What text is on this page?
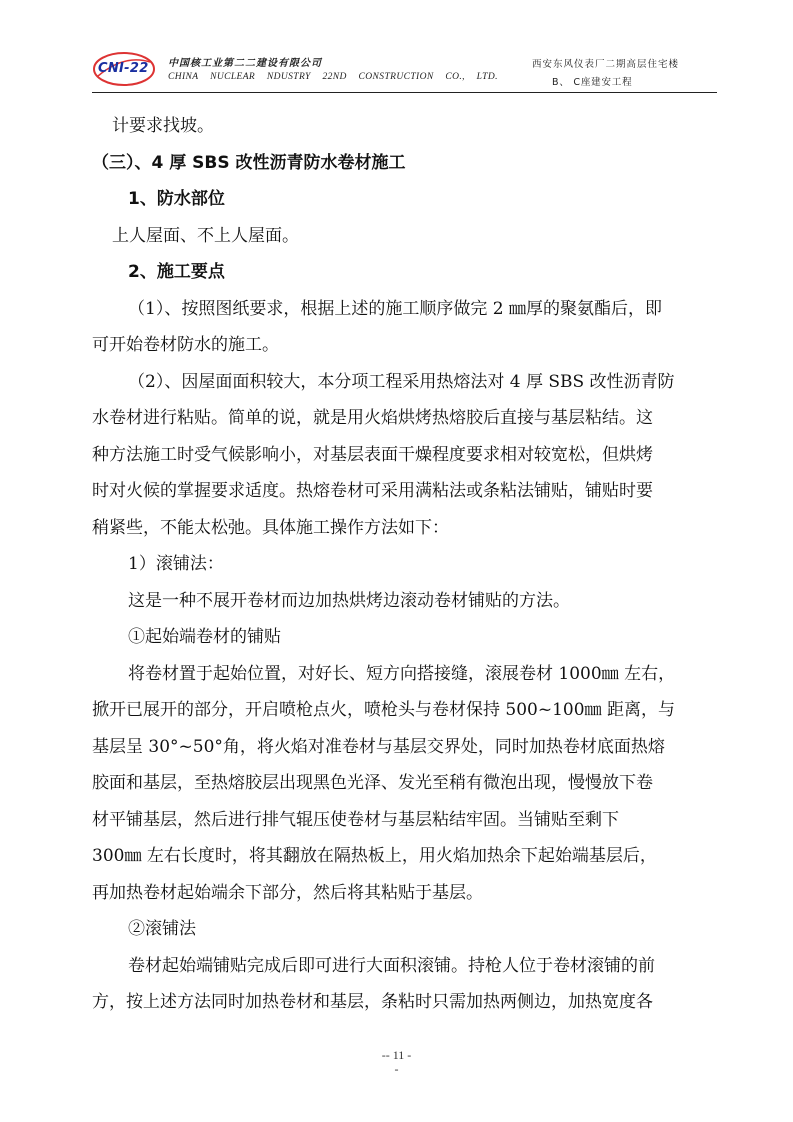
CNI-22 中国核工业第二二建设有限公司
CHINA NUCLEAR NDUSTRY 22ND CONSTRUCTION CO., LTD.
西安东风仪表厂二期高层住宅楼
B、 C座建安工程

计要求找坡。

（三）、4 厚 SBS 改性沥青防水卷材施工

1、防水部位

上人屋面、不上人屋面。

2、施工要点

（1）、按照图纸要求，根据上述的施工顺序做完 2 ㎜厚的聚氨酯后，即

可开始卷材防水的施工。

（2）、因屋面面积较大，本分项工程采用热熔法对 4 厚 SBS 改性沥青防

水卷材进行粘贴。简单的说，就是用火焰烘烤热熔胶后直接与基层粘结。这

种方法施工时受气候影响小，对基层表面干燥程度要求相对较宽松，但烘烤

时对火候的掌握要求适度。热熔卷材可采用满粘法或条粘法铺贴，铺贴时要

稍紧些，不能太松弛。具体施工操作方法如下：

1）滚铺法：

这是一种不展开卷材而边加热烘烤边滚动卷材铺贴的方法。

①起始端卷材的铺贴

将卷材置于起始位置，对好长、短方向搭接缝，滚展卷材 1000㎜ 左右，

掀开已展开的部分，开启喷枪点火，喷枪头与卷材保持 500~100㎜ 距离，与

基层呈 30°~50°角，将火焰对准卷材与基层交界处，同时加热卷材底面热熔

胶面和基层，至热熔胶层出现黑色光泽、发光至稍有微泡出现，慢慢放下卷

材平铺基层，然后进行排气辊压使卷材与基层粘结牢固。当铺贴至剩下

300㎜ 左右长度时，将其翻放在隔热板上，用火焰加热余下起始端基层后，

再加热卷材起始端余下部分，然后将其粘贴于基层。

②滚铺法

卷材起始端铺贴完成后即可进行大面积滚铺。持枪人位于卷材滚铺的前

方，按上述方法同时加热卷材和基层，条粘时只需加热两侧边，加热宽度各

-- 11 -
-
